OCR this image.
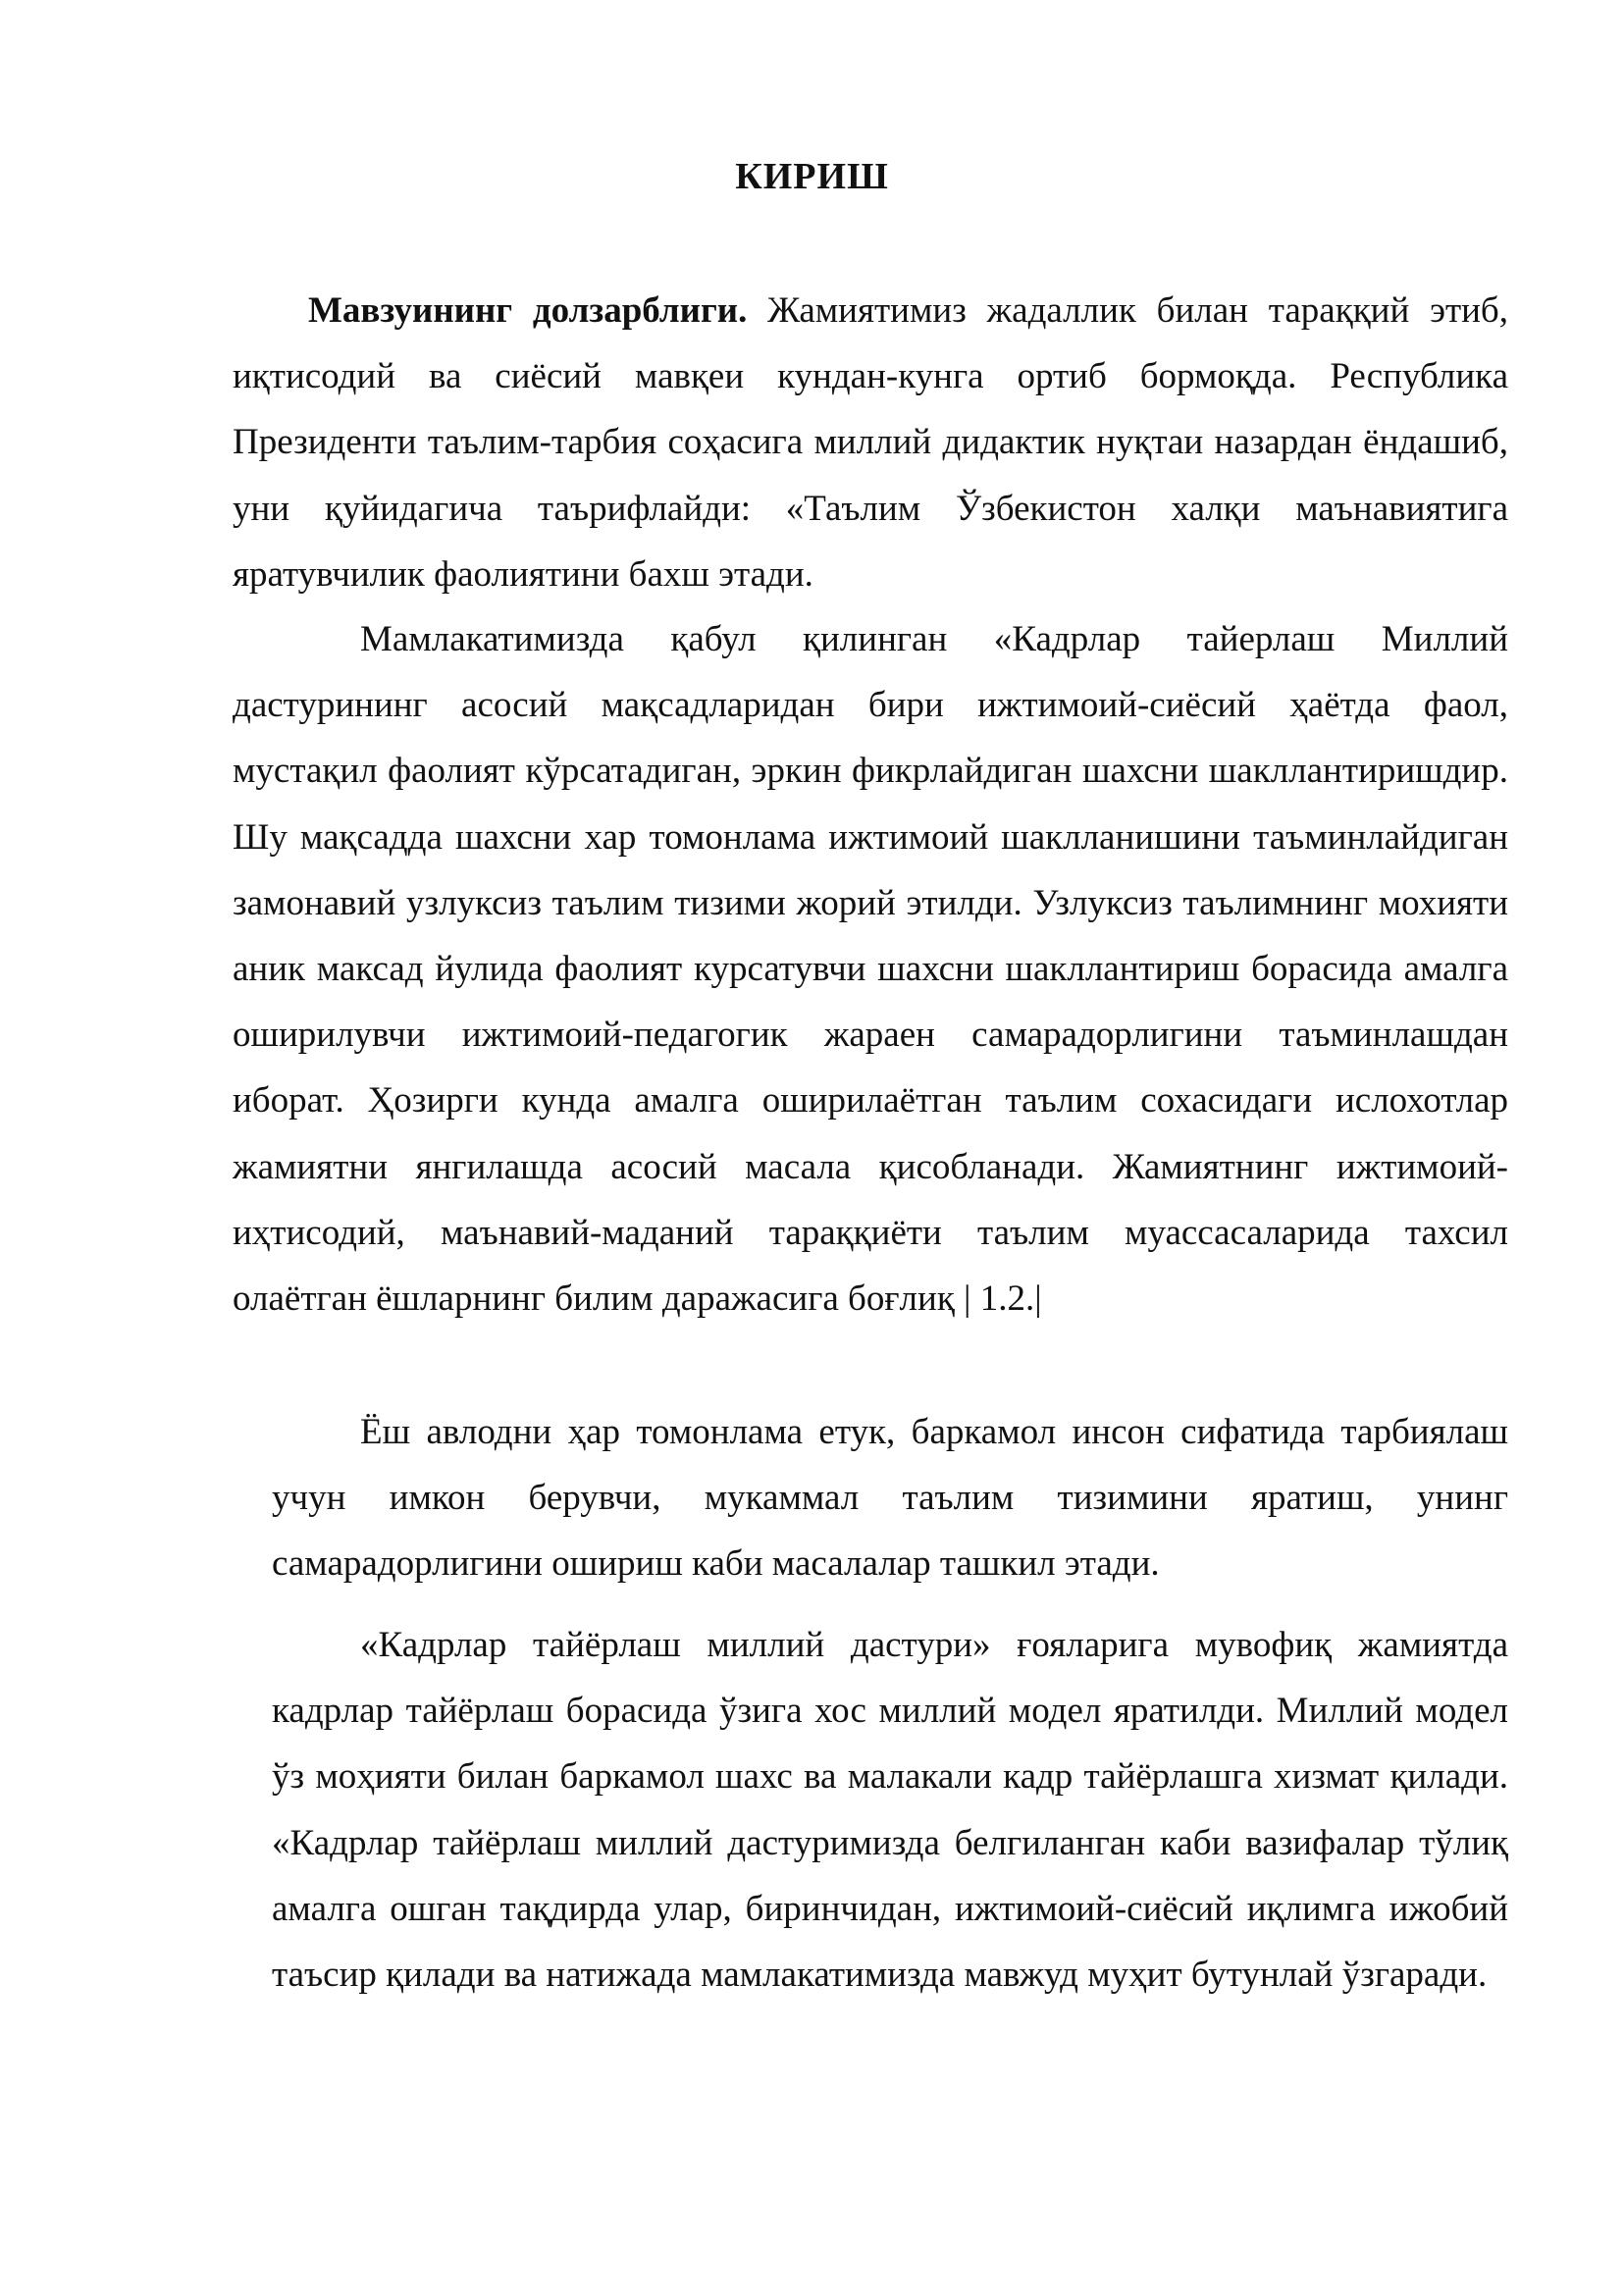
КИРИШ

Мавзуининг долзарблиги. Жамиятимиз жадаллик билан тараққий этиб, иқтисодий ва сиёсий мавқеи кундан-кунга ортиб бормоқда. Республика Президенти таълим-тарбия соҳасига миллий дидактик нуқтаи назардан ёндашиб, уни қуйидагича таърифлайди: «Таълим Ўзбекистон халқи маънавиятига яратувчилик фаолиятини бахш этади.

Мамлакатимизда қабул қилинган «Кадрлар тайерлаш Миллий дастурининг асосий мақсадларидан бири ижтимоий-сиёсий ҳаётда фаол, мустақил фаолият кўрсатадиган, эркин фикрлайдиган шахсни шакллантиришдир. Шу мақсадда шахсни хар томонлама ижтимоий шаклланишини таъминлайдиган замонавий узлуксиз таълим тизими жорий этилди. Узлуксиз таълимнинг мохияти аник максад йулида фаолият курсатувчи шахсни шакллантириш борасида амалга оширилувчи ижтимоий-педагогик жараен самарадорлигини таъминлашдан иборат. Ҳозирги кунда амалга оширилаётган таълим сохасидаги ислохотлар жамиятни янгилашда асосий масала қисобланади. Жамиятнинг ижтимоий-иҳтисодий, маънавий-маданий тараққиёти таълим муассасаларида тахсил олаётган ёшларнинг билим даражасига боғлиқ | 1.2.|

Ёш авлодни ҳар томонлама етук, баркамол инсон сифатида тарбиялаш учун имкон берувчи, мукаммал таълим тизимини яратиш, унинг самарадорлигини ошириш каби масалалар ташкил этади.

«Кадрлар тайёрлаш миллий дастури» ғояларига мувофиқ жамиятда кадрлар тайёрлаш борасида ўзига хос миллий модел яратилди. Миллий модел ўз моҳияти билан баркамол шахс ва малакали кадр тайёрлашга хизмат қилади. «Кадрлар тайёрлаш миллий дастуримизда белгиланган каби вазифалар тўлиқ амалга ошган тақдирда улар, биринчидан, ижтимоий-сиёсий иқлимга ижобий таъсир қилади ва натижада мамлакатимизда мавжуд муҳит бутунлай ўзгаради.
